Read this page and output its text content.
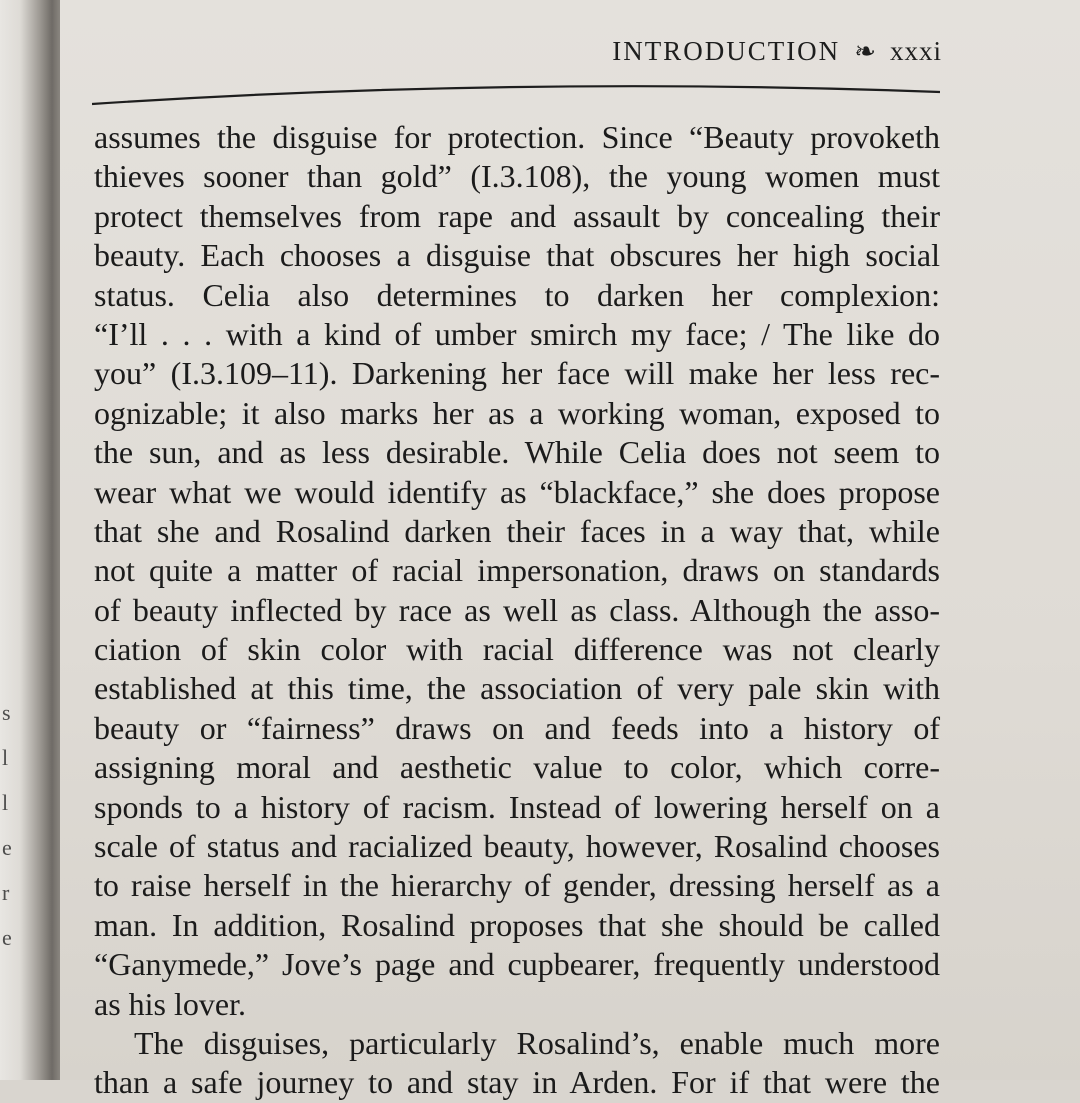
s
l
l
e
r
e
INTRODUCTION ❧ xxxi
assumes the disguise for protection. Since “Beauty provoketh
thieves sooner than gold” (I.3.108), the young women must
protect themselves from rape and assault by concealing their
beauty. Each chooses a disguise that obscures her high social
status. Celia also determines to darken her complexion:
“I’ll . . . with a kind of umber smirch my face; / The like do
you” (I.3.109–11). Darkening her face will make her less rec-
ognizable; it also marks her as a working woman, exposed to
the sun, and as less desirable. While Celia does not seem to
wear what we would identify as “blackface,” she does propose
that she and Rosalind darken their faces in a way that, while
not quite a matter of racial impersonation, draws on standards
of beauty inflected by race as well as class. Although the asso-
ciation of skin color with racial difference was not clearly
established at this time, the association of very pale skin with
beauty or “fairness” draws on and feeds into a history of
assigning moral and aesthetic value to color, which corre-
sponds to a history of racism. Instead of lowering herself on a
scale of status and racialized beauty, however, Rosalind chooses
to raise herself in the hierarchy of gender, dressing herself as a
man. In addition, Rosalind proposes that she should be called
“Ganymede,” Jove’s page and cupbearer, frequently understood
as his lover.
The disguises, particularly Rosalind’s, enable much more
than a safe journey to and stay in Arden. For if that were the
